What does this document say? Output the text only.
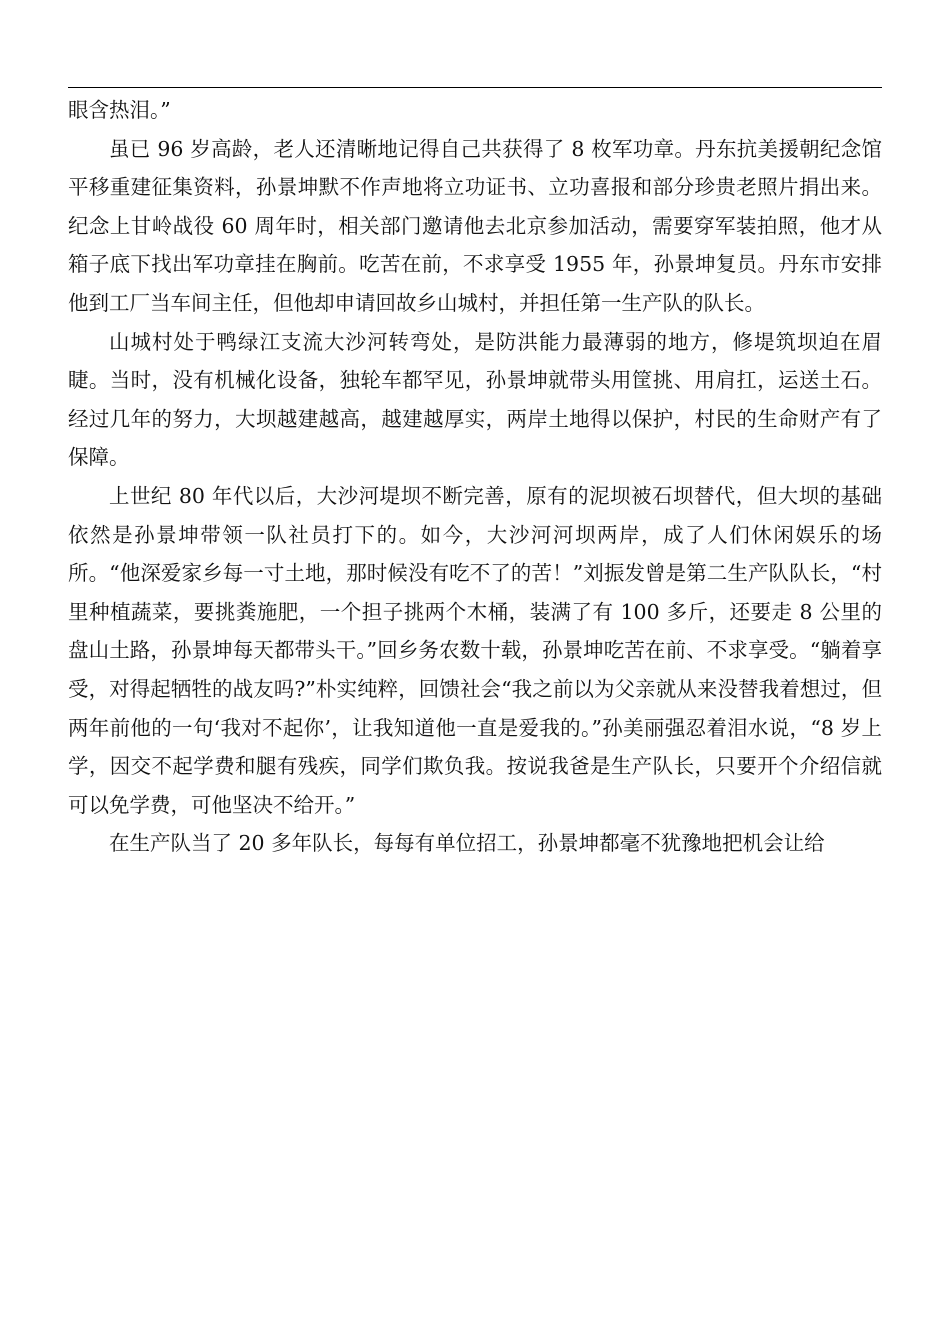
眼含热泪。”

虽已 96 岁高龄，老人还清晰地记得自己共获得了 8 枚军功章。丹东抗美援朝纪念馆平移重建征集资料，孙景坤默不作声地将立功证书、立功喜报和部分珍贵老照片捐出来。纪念上甘岭战役 60 周年时，相关部门邀请他去北京参加活动，需要穿军装拍照，他才从箱子底下找出军功章挂在胸前。吃苦在前，不求享受 1955 年，孙景坤复员。丹东市安排他到工厂当车间主任，但他却申请回故乡山城村，并担任第一生产队的队长。

山城村处于鸭绿江支流大沙河转弯处，是防洪能力最薄弱的地方，修堤筑坝迫在眉睫。当时，没有机械化设备，独轮车都罕见，孙景坤就带头用筐挑、用肩扛，运送土石。经过几年的努力，大坝越建越高，越建越厚实，两岸土地得以保护，村民的生命财产有了保障。

上世纪 80 年代以后，大沙河堤坝不断完善，原有的泥坝被石坝替代，但大坝的基础依然是孙景坤带领一队社员打下的。如今，大沙河河坝两岸，成了人们休闲娱乐的场所。“他深爱家乡每一寸土地，那时候没有吃不了的苦！”刘振发曾是第二生产队队长，“村里种植蔬菜，要挑粪施肥，一个担子挑两个木桶，装满了有 100 多斤，还要走 8 公里的盘山土路，孙景坤每天都带头干。”回乡务农数十载，孙景坤吃苦在前、不求享受。“躺着享受，对得起牺牲的战友吗?”朴实纯粹，回馈社会“我之前以为父亲就从来没替我着想过，但两年前他的一句‘我对不起你’，让我知道他一直是爱我的。”孙美丽强忍着泪水说，“8 岁上学，因交不起学费和腿有残疾，同学们欺负我。按说我爸是生产队长，只要开个介绍信就可以免学费，可他坚决不给开。”

在生产队当了 20 多年队长，每每有单位招工，孙景坤都毫不犹豫地把机会让给
